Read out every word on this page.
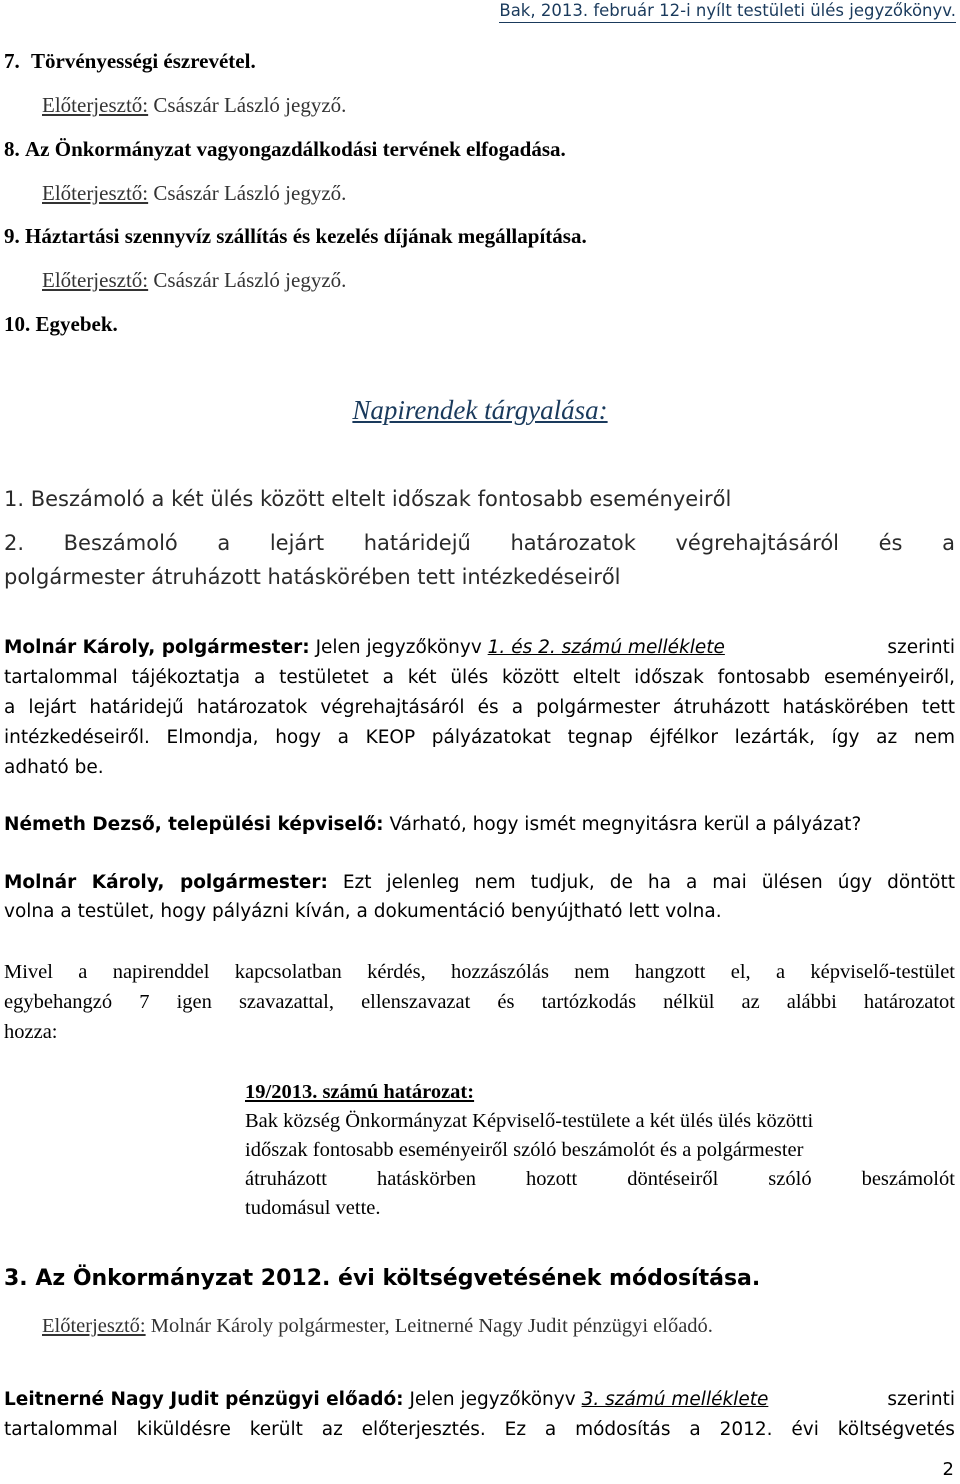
Bak, 2013. február 12-i nyílt testületi ülés jegyzőkönyv.
7. Törvényességi észrevétel.
Előterjesztő: Császár László jegyző.
8. Az Önkormányzat vagyongazdálkodási tervének elfogadása.
Előterjesztő: Császár László jegyző.
9. Háztartási szennyvíz szállítás és kezelés díjának megállapítása.
Előterjesztő: Császár László jegyző.
10. Egyebek.
Napirendek tárgyalása:
1. Beszámoló a két ülés között eltelt időszak fontosabb eseményeiről
2. Beszámoló a lejárt határidejű határozatok végrehajtásáról és a
polgármester átruházott hatáskörében tett intézkedéseiről
Molnár Károly, polgármester: Jelen jegyzőkönyv 1. és 2. számú melléklete	szerinti
tartalommal tájékoztatja a testületet a két ülés között eltelt időszak fontosabb eseményeiről,
a lejárt határidejű határozatok végrehajtásáról és a polgármester átruházott hatáskörében tett
intézkedéseiről. Elmondja, hogy a KEOP pályázatokat tegnap éjfélkor lezárták, így az nem
adható be.
Németh Dezső, települési képviselő: Várható, hogy ismét megnyitásra kerül a pályázat?
Molnár Károly, polgármester: Ezt jelenleg nem tudjuk, de ha a mai ülésen úgy döntött
volna a testület, hogy pályázni kíván, a dokumentáció benyújtható lett volna.
Mivel a napirenddel kapcsolatban kérdés, hozzászólás nem hangzott el, a képviselő-testület
egybehangzó 7 igen szavazattal, ellenszavazat és tartózkodás nélkül az alábbi határozatot
hozza:
19/2013. számú határozat:
Bak község Önkormányzat Képviselő-testülete a két ülés ülés közötti
időszak fontosabb eseményeiről szóló beszámolót és a polgármester
átruházott hatáskörben hozott döntéseiről szóló beszámolót
tudomásul vette.
3. Az Önkormányzat 2012. évi költségvetésének módosítása.
Előterjesztő: Molnár Károly polgármester, Leitnerné Nagy Judit pénzügyi előadó.
Leitnerné Nagy Judit pénzügyi előadó: Jelen jegyzőkönyv 3. számú melléklete	szerinti
tartalommal kiküldésre került az előterjesztés. Ez a módosítás a 2012. évi költségvetés
2
